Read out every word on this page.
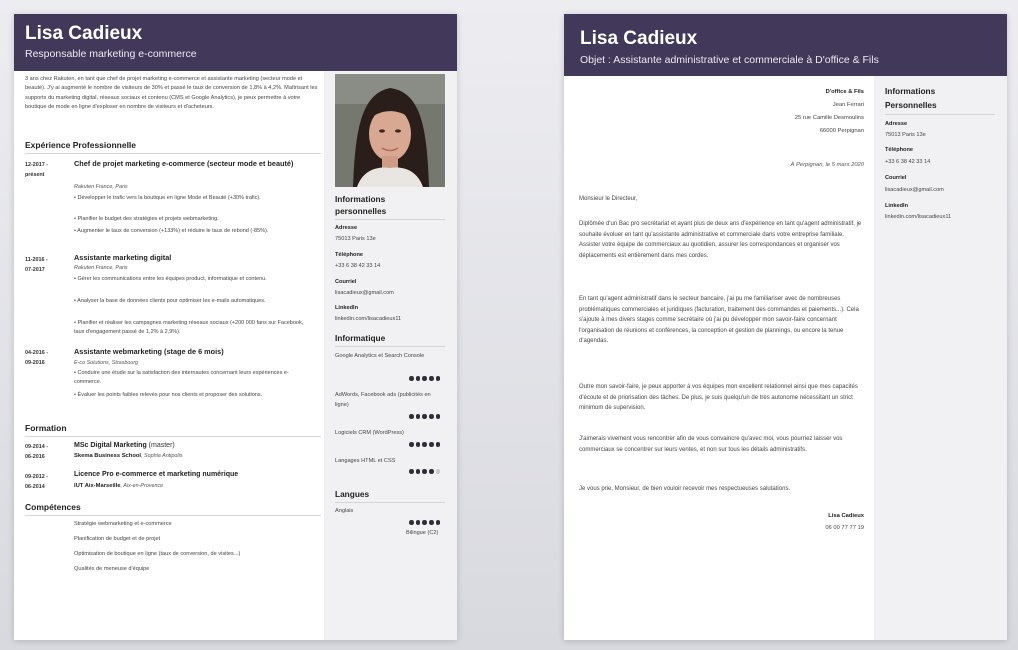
Lisa Cadieux
Responsable marketing e-commerce
3 ans chez Rakuten, en tant que chef de projet marketing e-commerce et assistante marketing (secteur mode et beauté). J'y ai augmenté le nombre de visiteurs de 30% et passé le taux de conversion de 1,8% à 4,2%. Maîtrisant les supports du marketing digital, réseaux sociaux et contenu (CMS et Google Analytics), je peux permettre à votre boutique de mode en ligne d'exploser en nombre de visiteurs et d'acheteurs.
Expérience Professionnelle
12-2017 -
présent
Chef de projet marketing e-commerce (secteur mode et beauté)
Rakuten France, Paris
• Développer le trafic vers la boutique en ligne Mode et Beauté (+30% trafic).
• Planifier le budget des stratégies et projets webmarketing.
• Augmenter le taux de conversion (+133%) et réduire le taux de rebond (-85%).
11-2016 -
07-2017
Assistante marketing digital
Rakuten France, Paris
• Gérer les communications entre les équipes product, informatique et contenu.
• Analyser la base de données clients pour optimiser les e-mails automatiques.
• Planifier et réaliser les campagnes marketing réseaux sociaux (+200 000 fans sur Facebook, taux d'engagement passé de 1,2% à 2,9%).
04-2016 -
09-2016
Assistante webmarketing (stage de 6 mois)
E-co Solutions, Strasbourg
• Conduire une étude sur la satisfaction des internautes concernant leurs expériences e-commerce.
• Évaluer les points faibles relevés pour nos clients et proposer des solutions.
Formation
09-2014 -
06-2016
MSc Digital Marketing (master)
Skema Business School, Sophia Antipolis
09-2012 -
06-2014
Licence Pro e-commerce et marketing numérique
IUT Aix-Marseille, Aix-en-Provence
Compétences
Stratégie webmarketing et e-commerce
Planification de budget et de projet
Optimisation de boutique en ligne (taux de conversion, de visites...)
Qualités de meneuse d'équipe
Informations
personnelles
Adresse
75013 Paris 13e
Téléphone
+33 6 38 42 33 14
Courriel
lisacadieux@gmail.com
LinkedIn
linkedin.com/lisacadieux11
Informatique
Google Analytics et Search Console
AdWords, Facebook ads (publicités en ligne)
Logiciels CRM (WordPress)
Langages HTML et CSS
Langues
Anglais
Bilingue (C2)
Lisa Cadieux
Objet : Assistante administrative et commerciale à D'office & Fils
D'office & Fils
Jean Ferrari
25 rue Camille Desmoulins
66000 Perpignan
À Perpignan, le 5 mars 2020
Monsieur le Directeur,
Diplômée d'un Bac pro secrétariat et ayant plus de deux ans d'expérience en tant qu'agent administratif, je souhaite évoluer en tant qu'assistante administrative et commerciale dans votre entreprise familiale. Assister votre équipe de commerciaux au quotidien, assurer les correspondances et organiser vos déplacements est entièrement dans mes cordes.
En tant qu'agent administratif dans le secteur bancaire, j'ai pu me familiariser avec de nombreuses problématiques commerciales et juridiques (facturation, traitement des commandes et paiements...). Cela s'ajoute à mes divers stages comme secrétaire où j'ai pu développer mon savoir-faire concernant l'organisation de réunions et conférences, la conception et gestion de plannings, ou encore la tenue d'agendas.
Outre mon savoir-faire, je peux apporter à vos équipes mon excellent relationnel ainsi que mes capacités d'écoute et de priorisation des tâches. De plus, je suis quelqu'un de très autonome nécessitant un strict minimum de supervision.
J'aimerais vivement vous rencontrer afin de vous convaincre qu'avec moi, vous pourriez laisser vos commerciaux se concentrer sur leurs ventes, et non sur tous les détails administratifs.
Je vous prie, Monsieur, de bien vouloir recevoir mes respectueuses salutations.
Lisa Cadieux
06 00 77 77 19
Informations
Personnelles
Adresse
75013 Paris 13e
Téléphone
+33 6 38 42 33 14
Courriel
lisacadieux@gmail.com
LinkedIn
linkedin.com/lisacadieux11
